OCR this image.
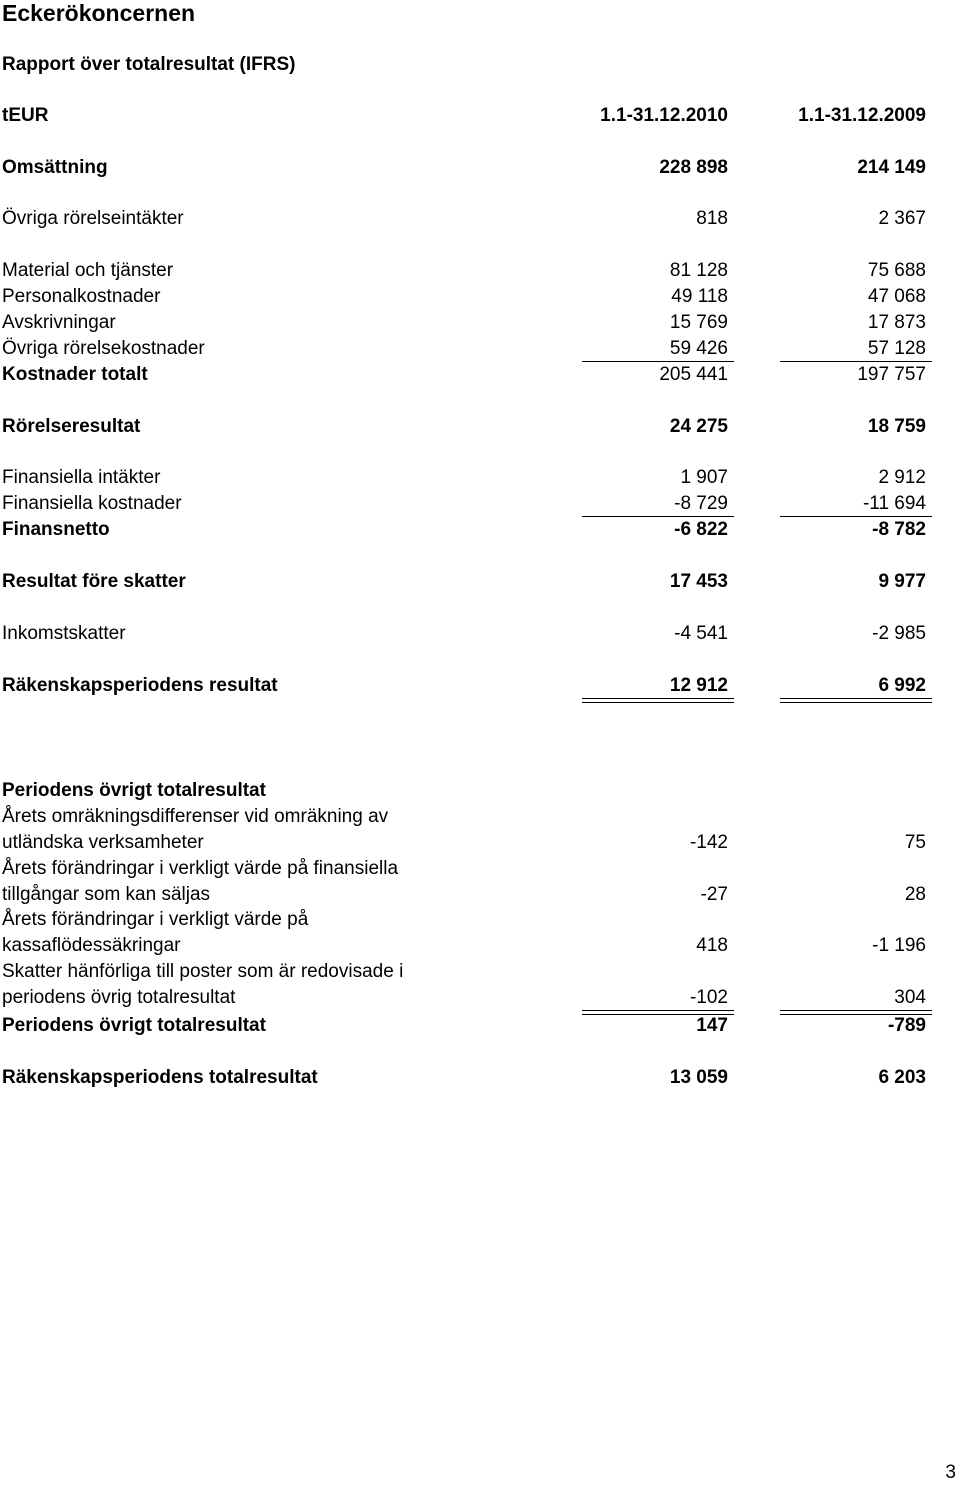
Eckerökoncernen
Rapport över totalresultat (IFRS)
tEUR	1.1-31.12.2010	1.1-31.12.2009
Omsättning	228 898	214 149
Övriga rörelseintäkter	818	2 367
Material och tjänster	81 128	75 688
Personalkostnader	49 118	47 068
Avskrivningar	15 769	17 873
Övriga rörelsekostnader	59 426	57 128
Kostnader totalt	205 441	197 757
Rörelseresultat	24 275	18 759
Finansiella intäkter	1 907	2 912
Finansiella kostnader	-8 729	-11 694
Finansnetto	-6 822	-8 782
Resultat före skatter	17 453	9 977
Inkomstskatter	-4 541	-2 985
Räkenskapsperiodens resultat	12 912	6 992
Periodens övrigt totalresultat
Årets omräkningsdifferenser vid omräkning av
utländska verksamheter	-142	75
Årets förändringar i verkligt värde på finansiella
tillgångar som kan säljas	-27	28
Årets förändringar i verkligt värde på
kassaflödessäkringar	418	-1 196
Skatter hänförliga till poster som är redovisade i
periodens övrig totalresultat	-102	304
Periodens övrigt totalresultat	147	-789
Räkenskapsperiodens totalresultat	13 059	6 203
3
